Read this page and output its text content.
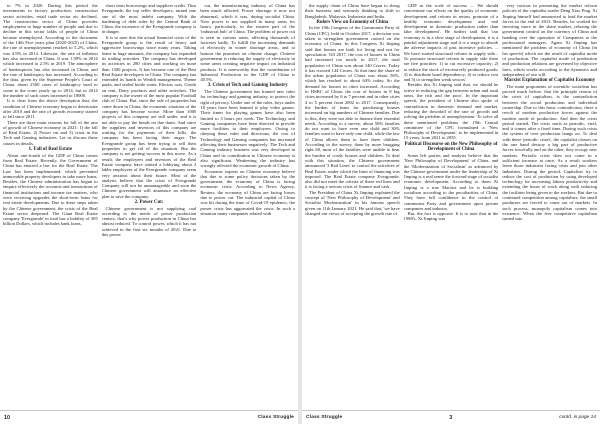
to 7% in 2020. During this period the investments in factory production, construction sector activities, retail trade sector etc declined. The construction sector of China provides employment to huge number of people and due to decline in this sector lakhs of people of China became unemployed. According to the document of the 14th Five years plan (2020-2025) of China, the rate of unemployment reached to 5.2%, which was 4.9% in 2014. Likewise, the rate of inflation has also increased in China. It was 1.99% in 2014 which increased to 2.5% in 2019. The atmosphere of bankruptcies has also increased in China, and the rate of bankruptcy has increased. According to the data, given by the Supreme People's Court of China, about 2500 cases of bankruptcy used to come to the court yearly up to 2014, but in 2014 the number of such cases increased to 18000.

It is clear from the above description that, the condition of Chinese economy began to deteriorate after 2010 and the rate of growth economy started to fall since 2011.

There are three main reasons for fall of the rate of growth of Chinese economy in 2021: 1) the fall of Real Estate, 2) Power cut and 3) crisis in the Tech and Gaming industries. Let us discuss these causes in details.

1. Fall of Real Estate

About one-fourth of the GDP of China comes from Real Estate. Recently, the Government of China has enacted a law for the Real Estate. The Law has been implemented, which prevented immovable property developers to take more loans. Besides, the Chinese administration has begun to enquire effectively the accounts and transactions of financial institutions and income tax matters, who were receiving upgrades the short-term loans for real estate developments. Due to these steps taken by the Chinese government, the crisis of the Real Estate sector deepened. The Giant Real Estate company 'Evergrande' in total has a liability of 305 billion Dollars, which includes bank loans,

short term borrowings and suppliers credit. Thus Evergrande, the top seller developers, turned into one of the most indebt company. With the hardening of debt rules by the Central Bank of China, the existence of the Evergrande company is in danger.

It is to note that the actual financial crisis of the Evergrande group is the result of heavy and aggressive borrowings since many years. Taking loans in huge amounts, the company has expanded its trading activities. The company has developed its activities in 280 cities and working on more than 1300 projects. It has become one of the Best Real Estate developers in China. The company has extended its hands in Wealth management, Theme parks, and sealed bottle water, Electric cars, Goods on rent, Dairy products and other activities. The company is the owner of the most popular Football club of China. But, since the sale of properties has come down in China, the economic situation of the company has become worse. More than 1000 projects of this company are still under, and it is not able to pay the bonds on due dates. And since the suppliers and investors of this company are waiting for the payments of their bills, the company has been facing their anger. The Evergrande group has been trying to sell their properties to get rid of the situation. But the company is not getting success in this move. As a result, the employees and investors of the Real Estate company have started a lobbying about 2 lakhs employees of the Evergrande company seem very anxious about their future. Most of the analysts believe that the crisis of Evergrande Company will not be unmanageable and soon the Chinese government will announce an effective plan to save the company.

2. Power Cut:

Chinese government is not supplying coal according to the needs of power production centers, that's why power production in China has almost reduced. To control power, which it has not achieved in the first six months of 2021. Due to this power

cut, the manufacturing industry of China has been much affected. Power shortage is now not abnormal, which it was, during socialist China. Now power is not supplied in many areas for hours, particularly, in the eastern part of the 'industrial hub' of China. The problem of power cut is seen in various areas, affecting thousands of factories badly. To fulfill the increasing demands of electricity in winter shortage areas, and to honour the promises on climate change, Chinese government is reducing the supply of electricity in some areas creating negative impact on industrial products. It is noteworthy that the contribution of Industrial Production in the GDP of China is 40.5%.

3. Crisis of Tech and Gaming Industry

The Chinese government has framed new rules for technology and gaming industry, to protect the right of privacy. Under one of the rules, boys under 18 years have been banned to play video games. Their times for playing games have also been limited to 3 hours per week. The Technology and Gaming companies have been directed to provide more facilities to their employees. Owing to obeying these rules and directions, the cost of Technology and Gaming companies has increased affecting their businesses negatively. The Tech and Gaming industry business was very developed in China and its contribution to Chinese economy is also significant. Weakening the industry has wrongly affected the economic growth of China.

Economic experts on Chinese economy believe that due to some policy decisions taken by the government, the economy of China is facing economic crisis. According to News Agency, Reuters, the economy of China are facing losses due to power cut. The industrial capital of China was hit during the time of Covid-19 epidemic, the power crisis has aggravated the crisis. In such a situation many companies related with

10	Class Struggle

the supply chain of China have begun to shrug their business and seriously thinking to shift to Bangladesh, Malaysia, Indonesia and India.

Rulers View on Economy of China

In the 19th Congress of the Communist Party of China (CPC), held in October 2017, a decision was taken to strengthen government control on the economy of China. In this Congress Xi Jinping said that houses are built for living and not for speculation. Till 2017, the cost of houses in China had increased too much; in 2017, the total population of China was about 140 Crores. Today it has crossed 144 Crores. At that time the share of the urban population of China was about 58%, which has reached to about 64% today. So the demand for houses in cities increased. According to HSBC of China, the cost of houses in 8 big cities increased by 6 to 7 percent and in other cities 4 to 5 percent from 2002 to 2017. Consequently, the burden of loans for purchasing houses increased on big numbers of Chinese families. Due to this, they were not able to finance their essential needs. According to a survey, about 50% families do not want to have even one child and 30% families want to have only one child, while the law of China allows them to have three children. According to the survey, done by more bragging right 68, most of the families were unable to bear the burden of costly houses and children. To deal with this situation, the Chinese government announced '3 Red Lines' to control the activities of Real Estate, under which the limit of financing was imposed. The Real Estate company Evergrande, also did not meet the criteria of these red lines and it is facing a serious crisis of finance and cash.

The President of China Xi Jinping explained the concept of 'New Philosophy of Development' and Socialist Modernization' in his famous speech given on 11th January 2021. He said that, 'we have changed our views of accepting the growth rate of

GDP as the scale of success .... We should concentrate our efforts on the quality of economic development and reform in return, promote of a healthy economic development and real development in domestic production rather than fake development'. He further said that 'our economy is in a slow stage of development, it is a painful adjustment stage and it is a stage to absorb the adverse impacts of past incentive policies. ... We have started structural reform in supply side... To promote structural reform in supply side there are five priorities: 1) to cut excessive capacity; 2) to reduce the stock of excessively produced goods; 3) to distribute bond dependency; 4) to reduce cost and 5) to strengthen weak sectors'.

Besides this Xi Jinping said that, we should be active in reducing the gap between urban and rural areas, the rich and the poor'. In the important speech, the president of Chinese also spoke of contradiction in domestic demand and market, reducing the downfall of the rate of growth and solving the problem of unemployment. To solve all these mentioned problems the 19th Central committee of the CPC formulated a 'New Philosophy of Development', to be implemented in 15 years, from 2021 to 2035.

Political Discourse on the New Philosophy of Development of China

Some left parties and analysts believe that the 'New Philosophy of Development' of China, and the 'Modernization of Socialism' as advanced by the Chinese government under the leadership of Xi Jinping is a real sense the forward stage of socialist economic development. According to them Xi Jinping is a true Marxist and he is building socialism according to the peculiarities of China. They have full confidence in the control of communist Party and government upon private companies and industry.

But, the fact is opposite. It is to note that in the 1980's, Xi Jinping was

very curious in promoting the market reform policies of the capitalist roader Deng Xiao Ping. Xi Jinping himself had announced to lead the market forces in the end of 2013. Besides, he worked for investing more in the share market, relaxing the government control on the currency of China and handing over the operation of Companies to the professional managers. Again Xi Jinping has mentioned the problem of economy of China (in his speech) which are the result of capitalist mode of production. The capitalist mode of production and production relations are governed by objective laws, which works according to the dynamics and independent of our will.

Marxist Explanation of Capitalist Economy

The main proponents of scientific socialism has proved much before, that the principle reason of the crisis of capitalism, is the contradiction between the social production and individual ownership. Due to this basic contradiction, there a revolt of modern productive forces against the modern mode of production. And then the crisis period started. The crisis starts as periodic, viral, and it comes after a fixed time. During such crisis the system of over production hangs on. To deal with these 'periodic crises', the capitalist classes on the one hand destroy a big part of productive forces forcefully and on the other, they occupy new markets. Periodic crisis does not come in a sufficient increase at once, As a result workers leave those industries facing crisis and join other industries. During the period, Capitalists try to reduce the cost of production by using developed technology for increasing labour productivity and extending the hours of work along with reducing the facilities being given to the workers. But due to continued competition among capitalists, the small producers are forced to come out of markets. In such process, monopoly capitalism comes into existence. When the free competitive capitalism turned into

Class Struggle	3	contd. in page 14
